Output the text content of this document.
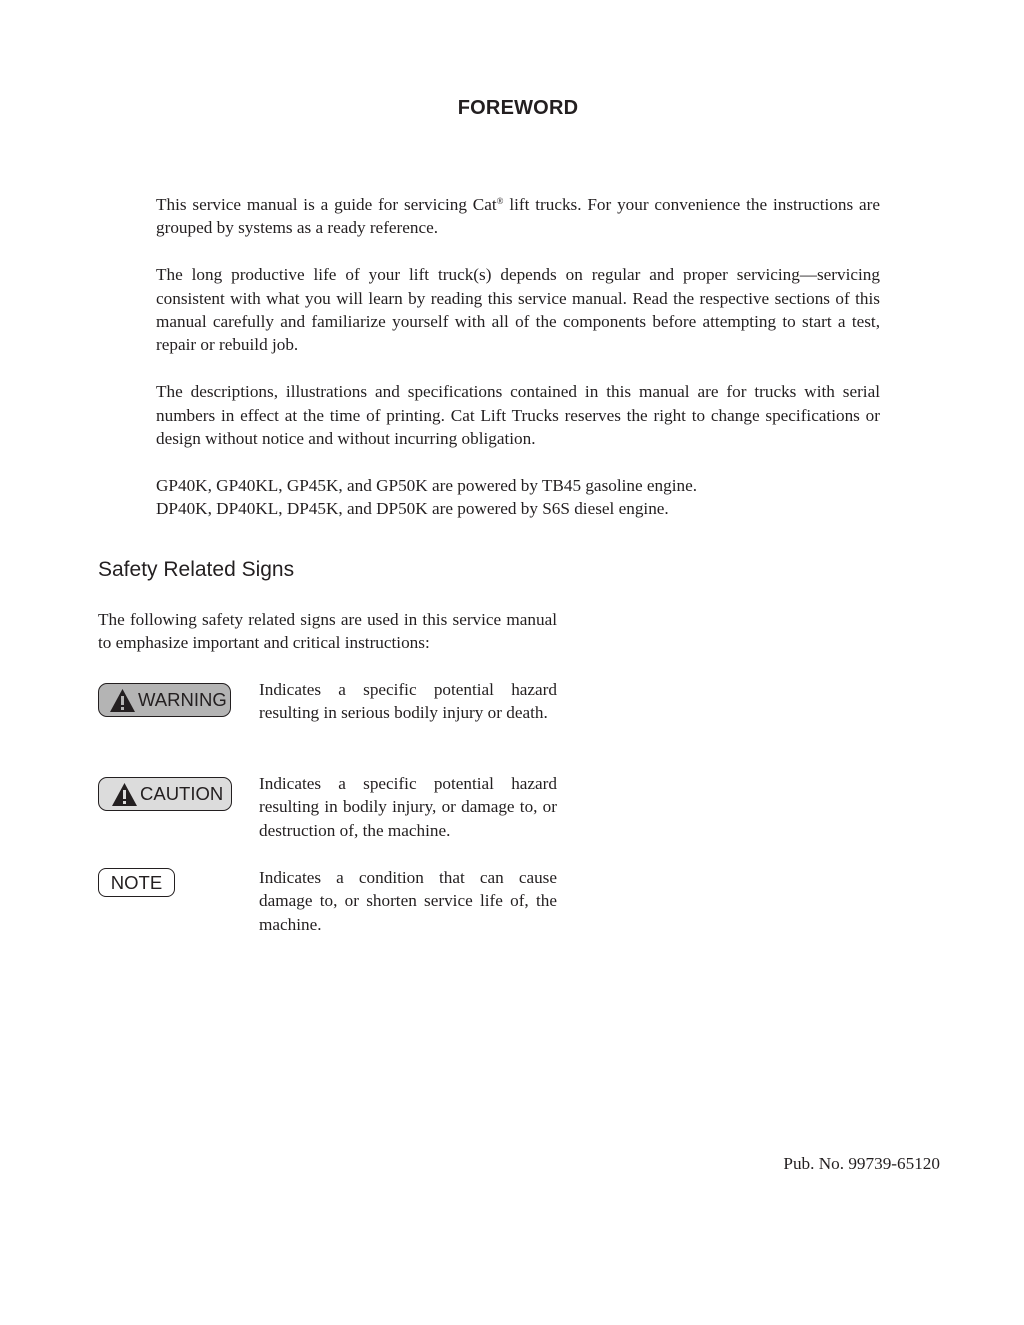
FOREWORD

This service manual is a guide for servicing Cat® lift trucks. For your convenience the instructions are grouped by systems as a ready reference.

The long productive life of your lift truck(s) depends on regular and proper servicing—servicing consistent with what you will learn by reading this service manual. Read the respective sections of this manual carefully and familiarize yourself with all of the components before attempting to start a test, repair or rebuild job.

The descriptions, illustrations and specifications contained in this manual are for trucks with serial numbers in effect at the time of printing. Cat Lift Trucks reserves the right to change specifications or design without notice and without incurring obligation.

GP40K, GP40KL, GP45K, and GP50K are powered by TB45 gasoline engine.

DP40K, DP40KL, DP45K, and DP50K are powered by S6S diesel engine.

Safety Related Signs

The following safety related signs are used in this service manual to emphasize important and critical instructions:

WARNING Indicates a specific potential hazard resulting in serious bodily injury or death.

CAUTION Indicates a specific potential hazard resulting in bodily injury, or damage to, or destruction of, the machine.

NOTE	Indicates a condition that can cause damage to, or shorten service life of, the machine.

Pub. No. 99739-65120
